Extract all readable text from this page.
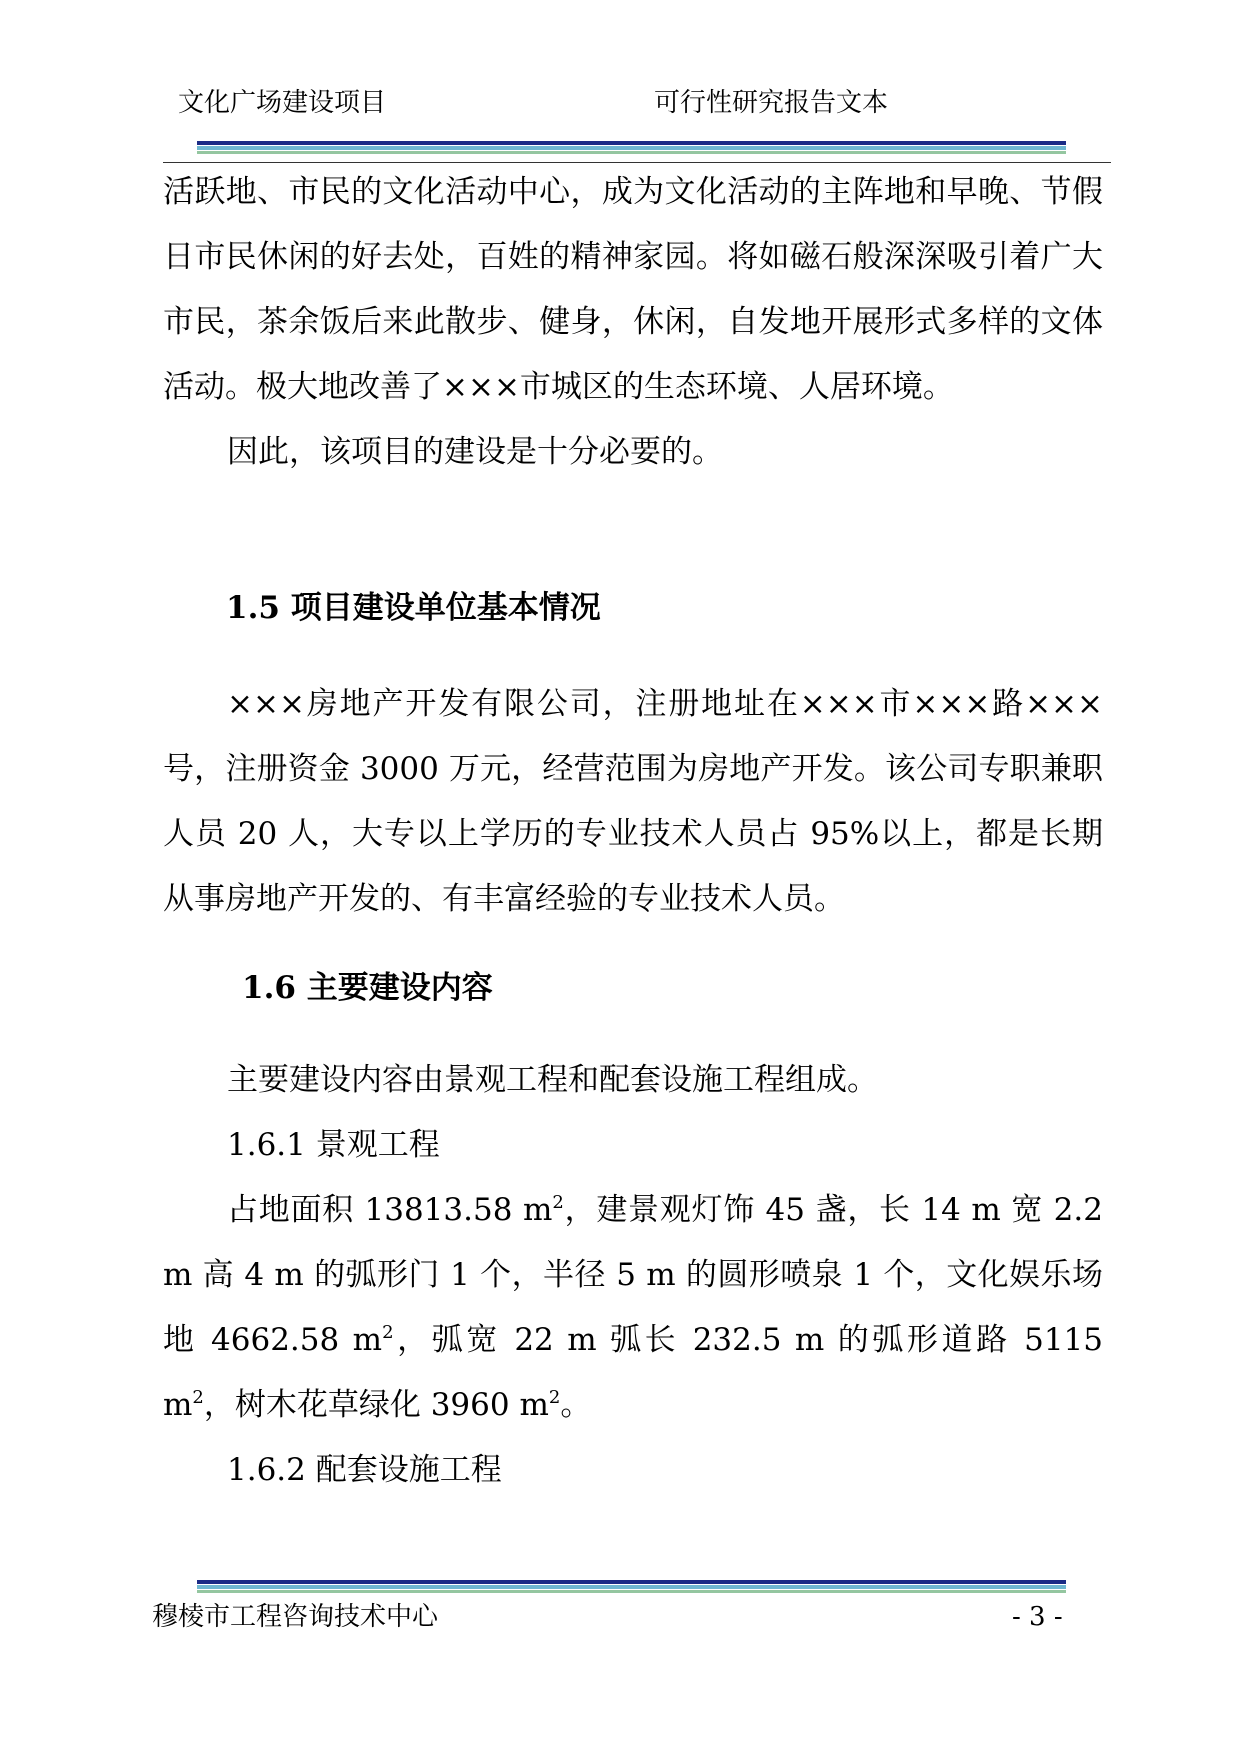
文化广场建设项目	可行性研究报告文本

活跃地、市民的文化活动中心，成为文化活动的主阵地和早晚、节假日市民休闲的好去处，百姓的精神家园。将如磁石般深深吸引着广大市民，茶余饭后来此散步、健身，休闲，自发地开展形式多样的文体活动。极大地改善了×××市城区的生态环境、人居环境。

因此，该项目的建设是十分必要的。

1.5 项目建设单位基本情况

×××房地产开发有限公司，注册地址在×××市×××路×××号，注册资金 3000 万元，经营范围为房地产开发。该公司专职兼职人员 20 人，大专以上学历的专业技术人员占 95%以上，都是长期从事房地产开发的、有丰富经验的专业技术人员。

1.6 主要建设内容

主要建设内容由景观工程和配套设施工程组成。

1.6.1 景观工程

占地面积 13813.58 $m^2$，建景观灯饰 45 盏，长 14 m 宽 2.2 m 高 4 m 的弧形门 1 个，半径 5 m 的圆形喷泉 1 个，文化娱乐场地 4662.58 $m^2$，弧宽 22 m 弧长 232.5 m 的弧形道路 5115 $m^2$，树木花草绿化 3960 $m^2$。

1.6.2 配套设施工程

穆棱市工程咨询技术中心	- 3 -
